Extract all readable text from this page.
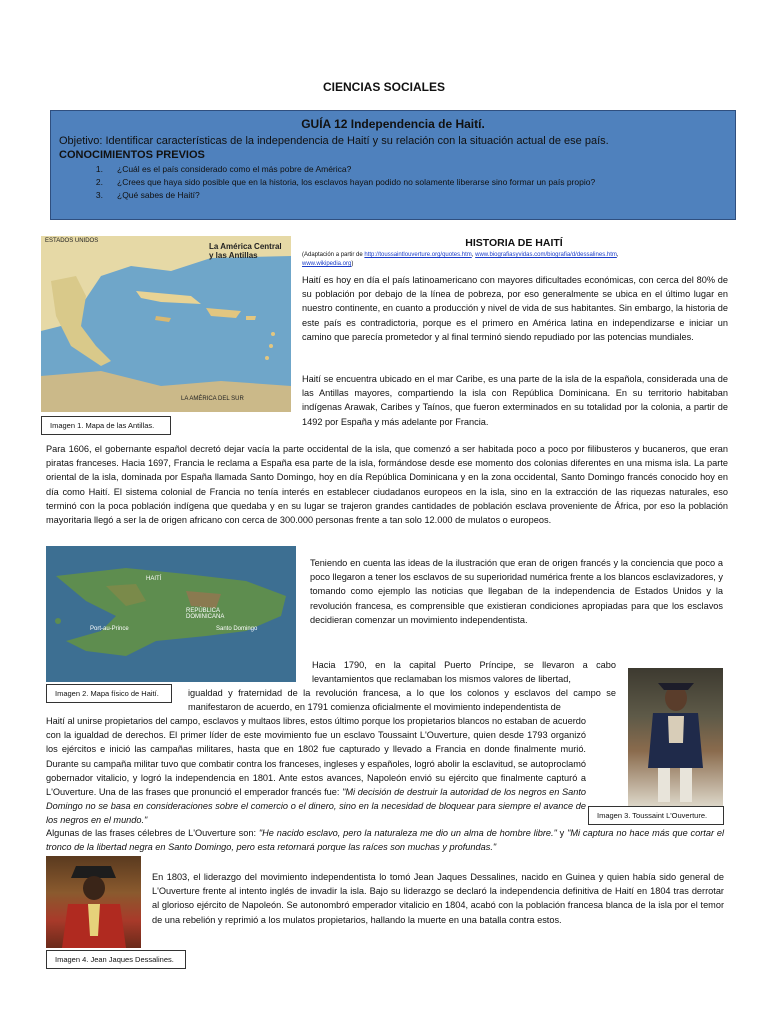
CIENCIAS SOCIALES
GUÍA 12 Independencia de Haití.
Objetivo: Identificar características de la independencia de Haití y su relación con la situación actual de ese país.
CONOCIMIENTOS PREVIOS
1.	¿Cuál es el país considerado como el más pobre de América?
2.	¿Crees que haya sido posible que en la historia, los esclavos hayan podido no solamente liberarse sino formar un país propio?
3.	¿Qué sabes de Haití?
ESTADOS UNIDOS
La América Central
y las Antillas
LA AMÉRICA DEL SUR
Imagen 1. Mapa de las Antillas.
HISTORIA DE HAITÍ
(Adaptación a partir de http://toussaintlouverture.org/quotes.htm, www.biografiasyvidas.com/biografia/d/dessalines.htm,
www.wikipedia.org)
Haití es hoy en día el país latinoamericano con mayores dificultades económicas, con cerca del 80% de su población por debajo de la línea de pobreza, por eso generalmente se ubica en el último lugar en nuestro continente, en cuanto a producción y nivel de vida de sus habitantes. Sin embargo, la historia de este país es contradictoria, porque es el primero en América latina en independizarse e iniciar un camino que parecía prometedor y al final terminó siendo repudiado por las potencias mundiales.
Haití se encuentra ubicado en el mar Caribe, es una parte de la isla de la española, considerada una de las Antillas mayores, compartiendo la isla con República Dominicana. En su territorio habitaban indígenas Arawak, Caribes y Taínos, que fueron exterminados en su totalidad por la colonia, a partir de 1492 por España y más adelante por Francia.
Para 1606, el gobernante español decretó dejar vacía la parte occidental de la isla, que comenzó a ser habitada poco a poco por filibusteros y bucaneros, que eran piratas franceses. Hacia 1697, Francia le reclama a España esa parte de la isla, formándose desde ese momento dos colonias diferentes en una misma isla. La parte oriental de la isla, dominada por España llamada Santo Domingo, hoy en día República Dominicana y en la zona occidental, Santo Domingo francés conocido hoy en día como Haití. El sistema colonial de Francia no tenía interés en establecer ciudadanos europeos en la isla, sino en la extracción de las riquezas naturales, eso terminó con la poca población indígena que quedaba y en su lugar se trajeron grandes cantidades de población esclava proveniente de África, por eso la población mayoritaria llegó a ser la de origen africano con cerca de 300.000 personas frente a tan solo 12.000 de mulatos o europeos.
HAITÍ
REPÚBLICA DOMINICANA
Port-au-Prince	Santo Domingo
Imagen 2. Mapa físico de Haití.
Teniendo en cuenta las ideas de la ilustración que eran de origen francés y la conciencia que poco a poco llegaron a tener los esclavos de su superioridad numérica frente a los blancos esclavizadores, y tomando como ejemplo las noticias que llegaban de la independencia de Estados Unidos y la revolución francesa, es comprensible que existieran condiciones apropiadas para que los esclavos decidieran comenzar un movimiento independentista.
Imagen 3. Toussaint L'Ouverture.
Hacia 1790, en la capital Puerto Príncipe, se llevaron a cabo levantamientos que reclamaban los mismos valores de libertad,
igualdad y fraternidad de la revolución francesa, a lo que los colonos y esclavos del campo se manifestaron de acuerdo, en 1791 comienza oficialmente el movimiento independentista de
Haití al unirse propietarios del campo, esclavos y multaos libres, estos último porque los propietarios blancos no estaban de acuerdo con la igualdad de derechos. El primer líder de este movimiento fue un esclavo Toussaint L'Ouverture, quien desde 1793 organizó los ejércitos e inició las campañas militares, hasta que en 1802 fue capturado y llevado a Francia en donde finalmente murió. Durante su campaña militar tuvo que combatir contra los franceses, ingleses y españoles, logró abolir la esclavitud, se autoproclamó gobernador vitalicio, y logró la independencia en 1801. Ante estos avances, Napoleón envió su ejército que finalmente capturó a L'Ouverture. Una de las frases que pronunció el emperador francés fue: "Mi decisión de destruir la autoridad de los negros en Santo Domingo no se basa en consideraciones sobre el comercio o el dinero, sino en la necesidad de bloquear para siempre el avance de los negros en el mundo."
Algunas de las frases célebres de L'Ouverture son: "He nacido esclavo, pero la naturaleza me dio un alma de hombre libre." y "Mi captura no hace más que cortar el tronco de la libertad negra en Santo Domingo, pero esta retornará porque las raíces son muchas y profundas."
Imagen 4. Jean Jaques Dessalines.
En 1803, el liderazgo del movimiento independentista lo tomó Jean Jaques Dessalines, nacido en Guinea y quien había sido general de L'Ouverture frente al intento inglés de invadir la isla. Bajo su liderazgo se declaró la independencia definitiva de Haití en 1804 tras derrotar al glorioso ejército de Napoleón. Se autonombró emperador vitalicio en 1804, acabó con la población francesa blanca de la isla por el temor de una rebelión y reprimió a los mulatos propietarios, hallando la muerte en una batalla contra estos.
